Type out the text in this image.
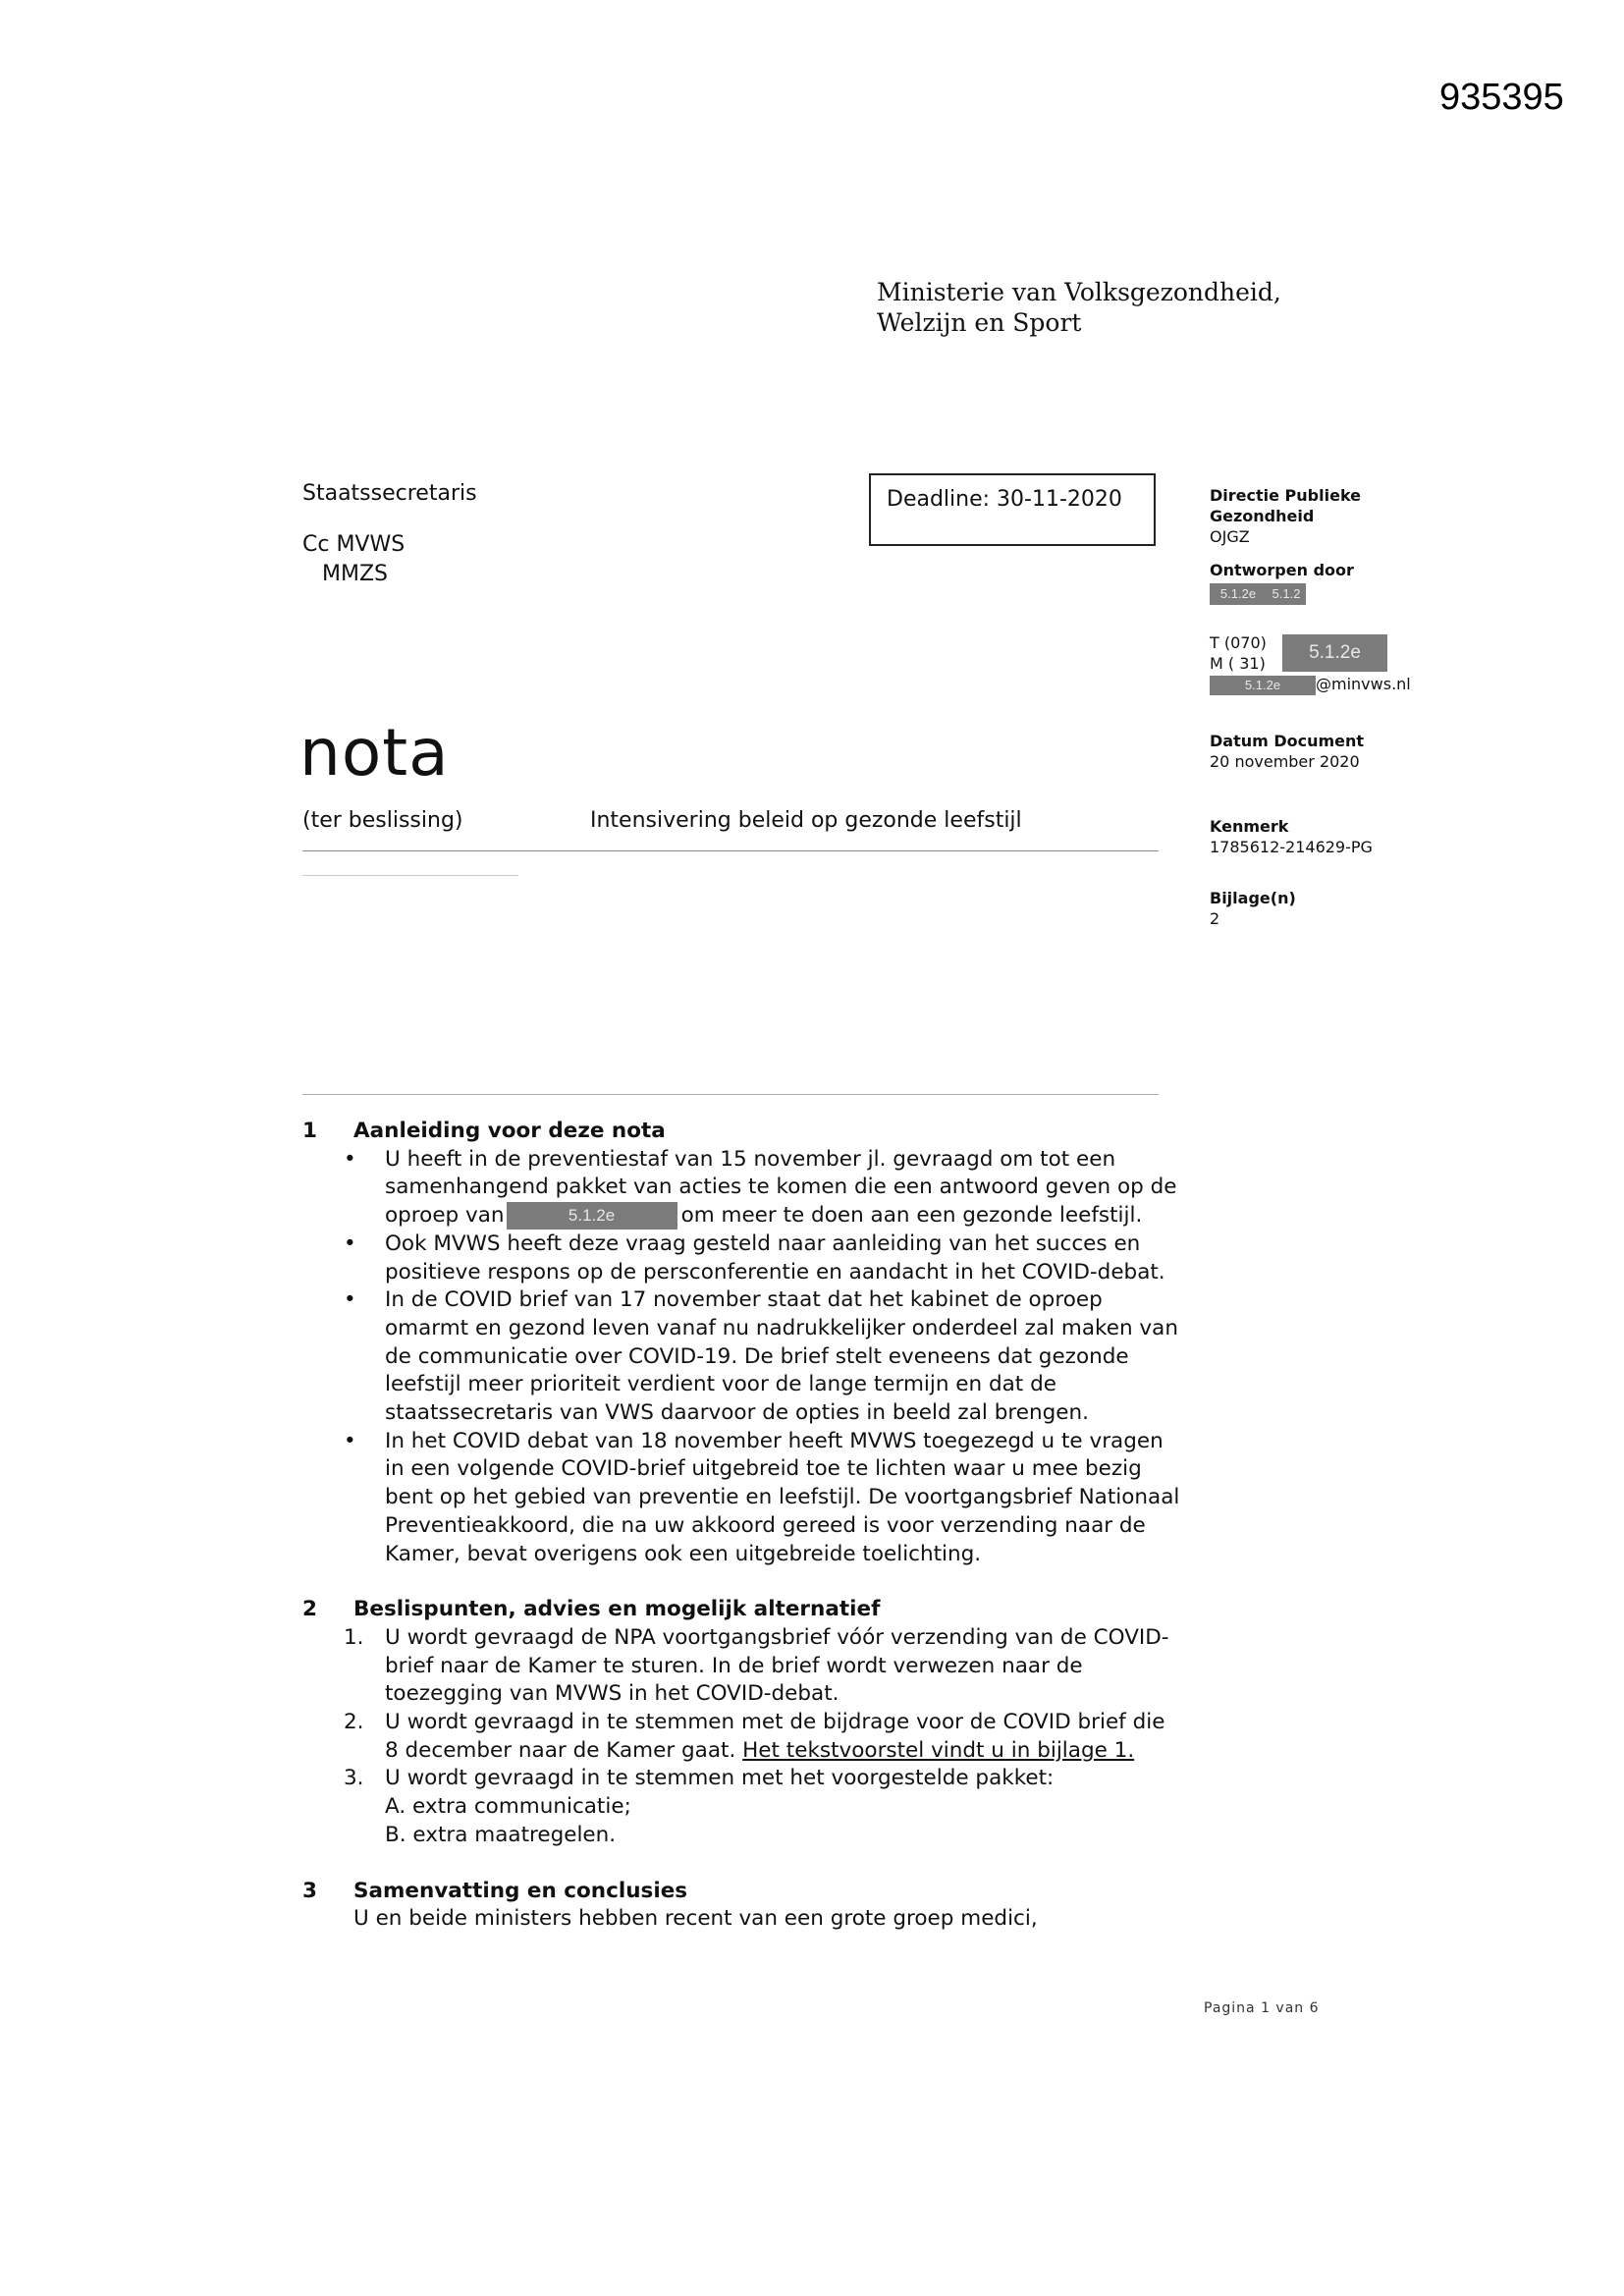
935395
Ministerie van Volksgezondheid,
Welzijn en Sport
Staatssecretaris
Cc MVWS
MMZS
Deadline: 30-11-2020	Directie Publieke
Gezondheid
OJGZ
Ontworpen door
5.1.2e 5.1.2
T (070)
M ( 31)
5.1.2e @minvws.nl
5.1.2e
Datum Document
20 november 2020
Kenmerk
1785612-214629-PG
Bijlage(n)
2
nota
(ter beslissing)	Intensivering beleid op gezonde leefstijl
1 Aanleiding voor deze nota
• U heeft in de preventiestaf van 15 november jl. gevraagd om tot een
samenhangend pakket van acties te komen die een antwoord geven op de
oproep van	5.1.2e	om meer te doen aan een gezonde leefstijl.
• Ook MVWS heeft deze vraag gesteld naar aanleiding van het succes en
positieve respons op de persconferentie en aandacht in het COVID-debat.
• In de COVID brief van 17 november staat dat het kabinet de oproep
omarmt en gezond leven vanaf nu nadrukkelijker onderdeel zal maken van
de communicatie over COVID-19. De brief stelt eveneens dat gezonde
leefstijl meer prioriteit verdient voor de lange termijn en dat de
staatssecretaris van VWS daarvoor de opties in beeld zal brengen.
• In het COVID debat van 18 november heeft MVWS toegezegd u te vragen
in een volgende COVID-brief uitgebreid toe te lichten waar u mee bezig
bent op het gebied van preventie en leefstijl. De voortgangsbrief Nationaal
Preventieakkoord, die na uw akkoord gereed is voor verzending naar de
Kamer, bevat overigens ook een uitgebreide toelichting.
2 Beslispunten, advies en mogelijk alternatief
1. U wordt gevraagd de NPA voortgangsbrief vóór verzending van de COVID-
brief naar de Kamer te sturen. In de brief wordt verwezen naar de
toezegging van MVWS in het COVID-debat.
2. U wordt gevraagd in te stemmen met de bijdrage voor de COVID brief die
8 december naar de Kamer gaat. Het tekstvoorstel vindt u in bijlage 1.
3. U wordt gevraagd in te stemmen met het voorgestelde pakket:
A. extra communicatie;
B. extra maatregelen.
3 Samenvatting en conclusies
U en beide ministers hebben recent van een grote groep medici,
Pagina 1 van 6
